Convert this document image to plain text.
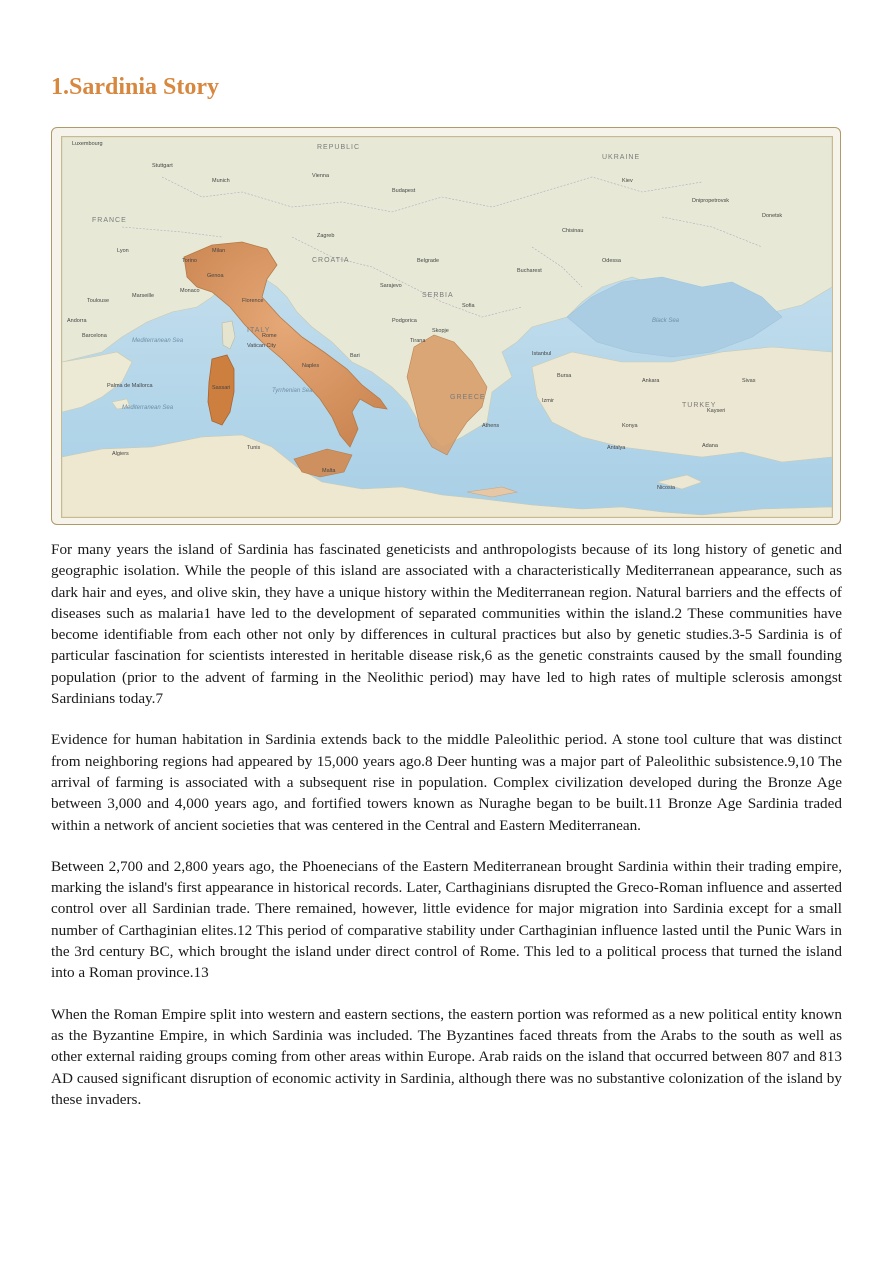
1.Sardinia Story
FRANCE
UKRAINE
ITALY
TURKEY
GREECE
CROATIA
SERBIA
REPUBLIC
Mediterranean Sea
Mediterranean Sea
Tyrrhenian Sea
Black Sea
Luxembourg
Stuttgart
Munich
Vienna
Budapest
Zagreb
Belgrade
Bucharest
Sofia
Istanbul
Ankara
Milan
Torino
Genoa
Monaco
Florence
Rome
Vatican City
Naples
Bari
Sassari
Barcelona
Andorra
Palma de Mallorca
Algiers
Tunis
Athens
Izmir
Konya
Antalya
Nicosia
Odessa
Kiev
Dnipropetrovsk
Donetsk
Malta
Sarajevo
Skopje
Tirana
Podgorica
Chisinau
Bursa
Sivas
Kayseri
Adana
Lyon
Marseille
Toulouse

For many years the island of Sardinia has fascinated geneticists and anthropologists because of its long history of genetic and geographic isolation. While the people of this island are associated with a characteristically Mediterranean appearance, such as dark hair and eyes, and olive skin, they have a unique history within the Mediterranean region. Natural barriers and the effects of diseases such as malaria1 have led to the development of separated communities within the island.2 These communities have become identifiable from each other not only by differences in cultural practices but also by genetic studies.3-5 Sardinia is of particular fascination for scientists interested in heritable disease risk,6 as the genetic constraints caused by the small founding population (prior to the advent of farming in the Neolithic period) may have led to high rates of multiple sclerosis amongst Sardinians today.7

Evidence for human habitation in Sardinia extends back to the middle Paleolithic period. A stone tool culture that was distinct from neighboring regions had appeared by 15,000 years ago.8 Deer hunting was a major part of Paleolithic subsistence.9,10 The arrival of farming is associated with a subsequent rise in population. Complex civilization developed during the Bronze Age between 3,000 and 4,000 years ago, and fortified towers known as Nuraghe began to be built.11 Bronze Age Sardinia traded within a network of ancient societies that was centered in the Central and Eastern Mediterranean.

Between 2,700 and 2,800 years ago, the Phoenecians of the Eastern Mediterranean brought Sardinia within their trading empire, marking the island's first appearance in historical records. Later, Carthaginians disrupted the Greco-Roman influence and asserted control over all Sardinian trade. There remained, however, little evidence for major migration into Sardinia except for a small number of Carthaginian elites.12 This period of comparative stability under Carthaginian influence lasted until the Punic Wars in the 3rd century BC, which brought the island under direct control of Rome. This led to a political process that turned the island into a Roman province.13

When the Roman Empire split into western and eastern sections, the eastern portion was reformed as a new political entity known as the Byzantine Empire, in which Sardinia was included. The Byzantines faced threats from the Arabs to the south as well as other external raiding groups coming from other areas within Europe. Arab raids on the island that occurred between 807 and 813 AD caused significant disruption of economic activity in Sardinia, although there was no substantive colonization of the island by these invaders.
